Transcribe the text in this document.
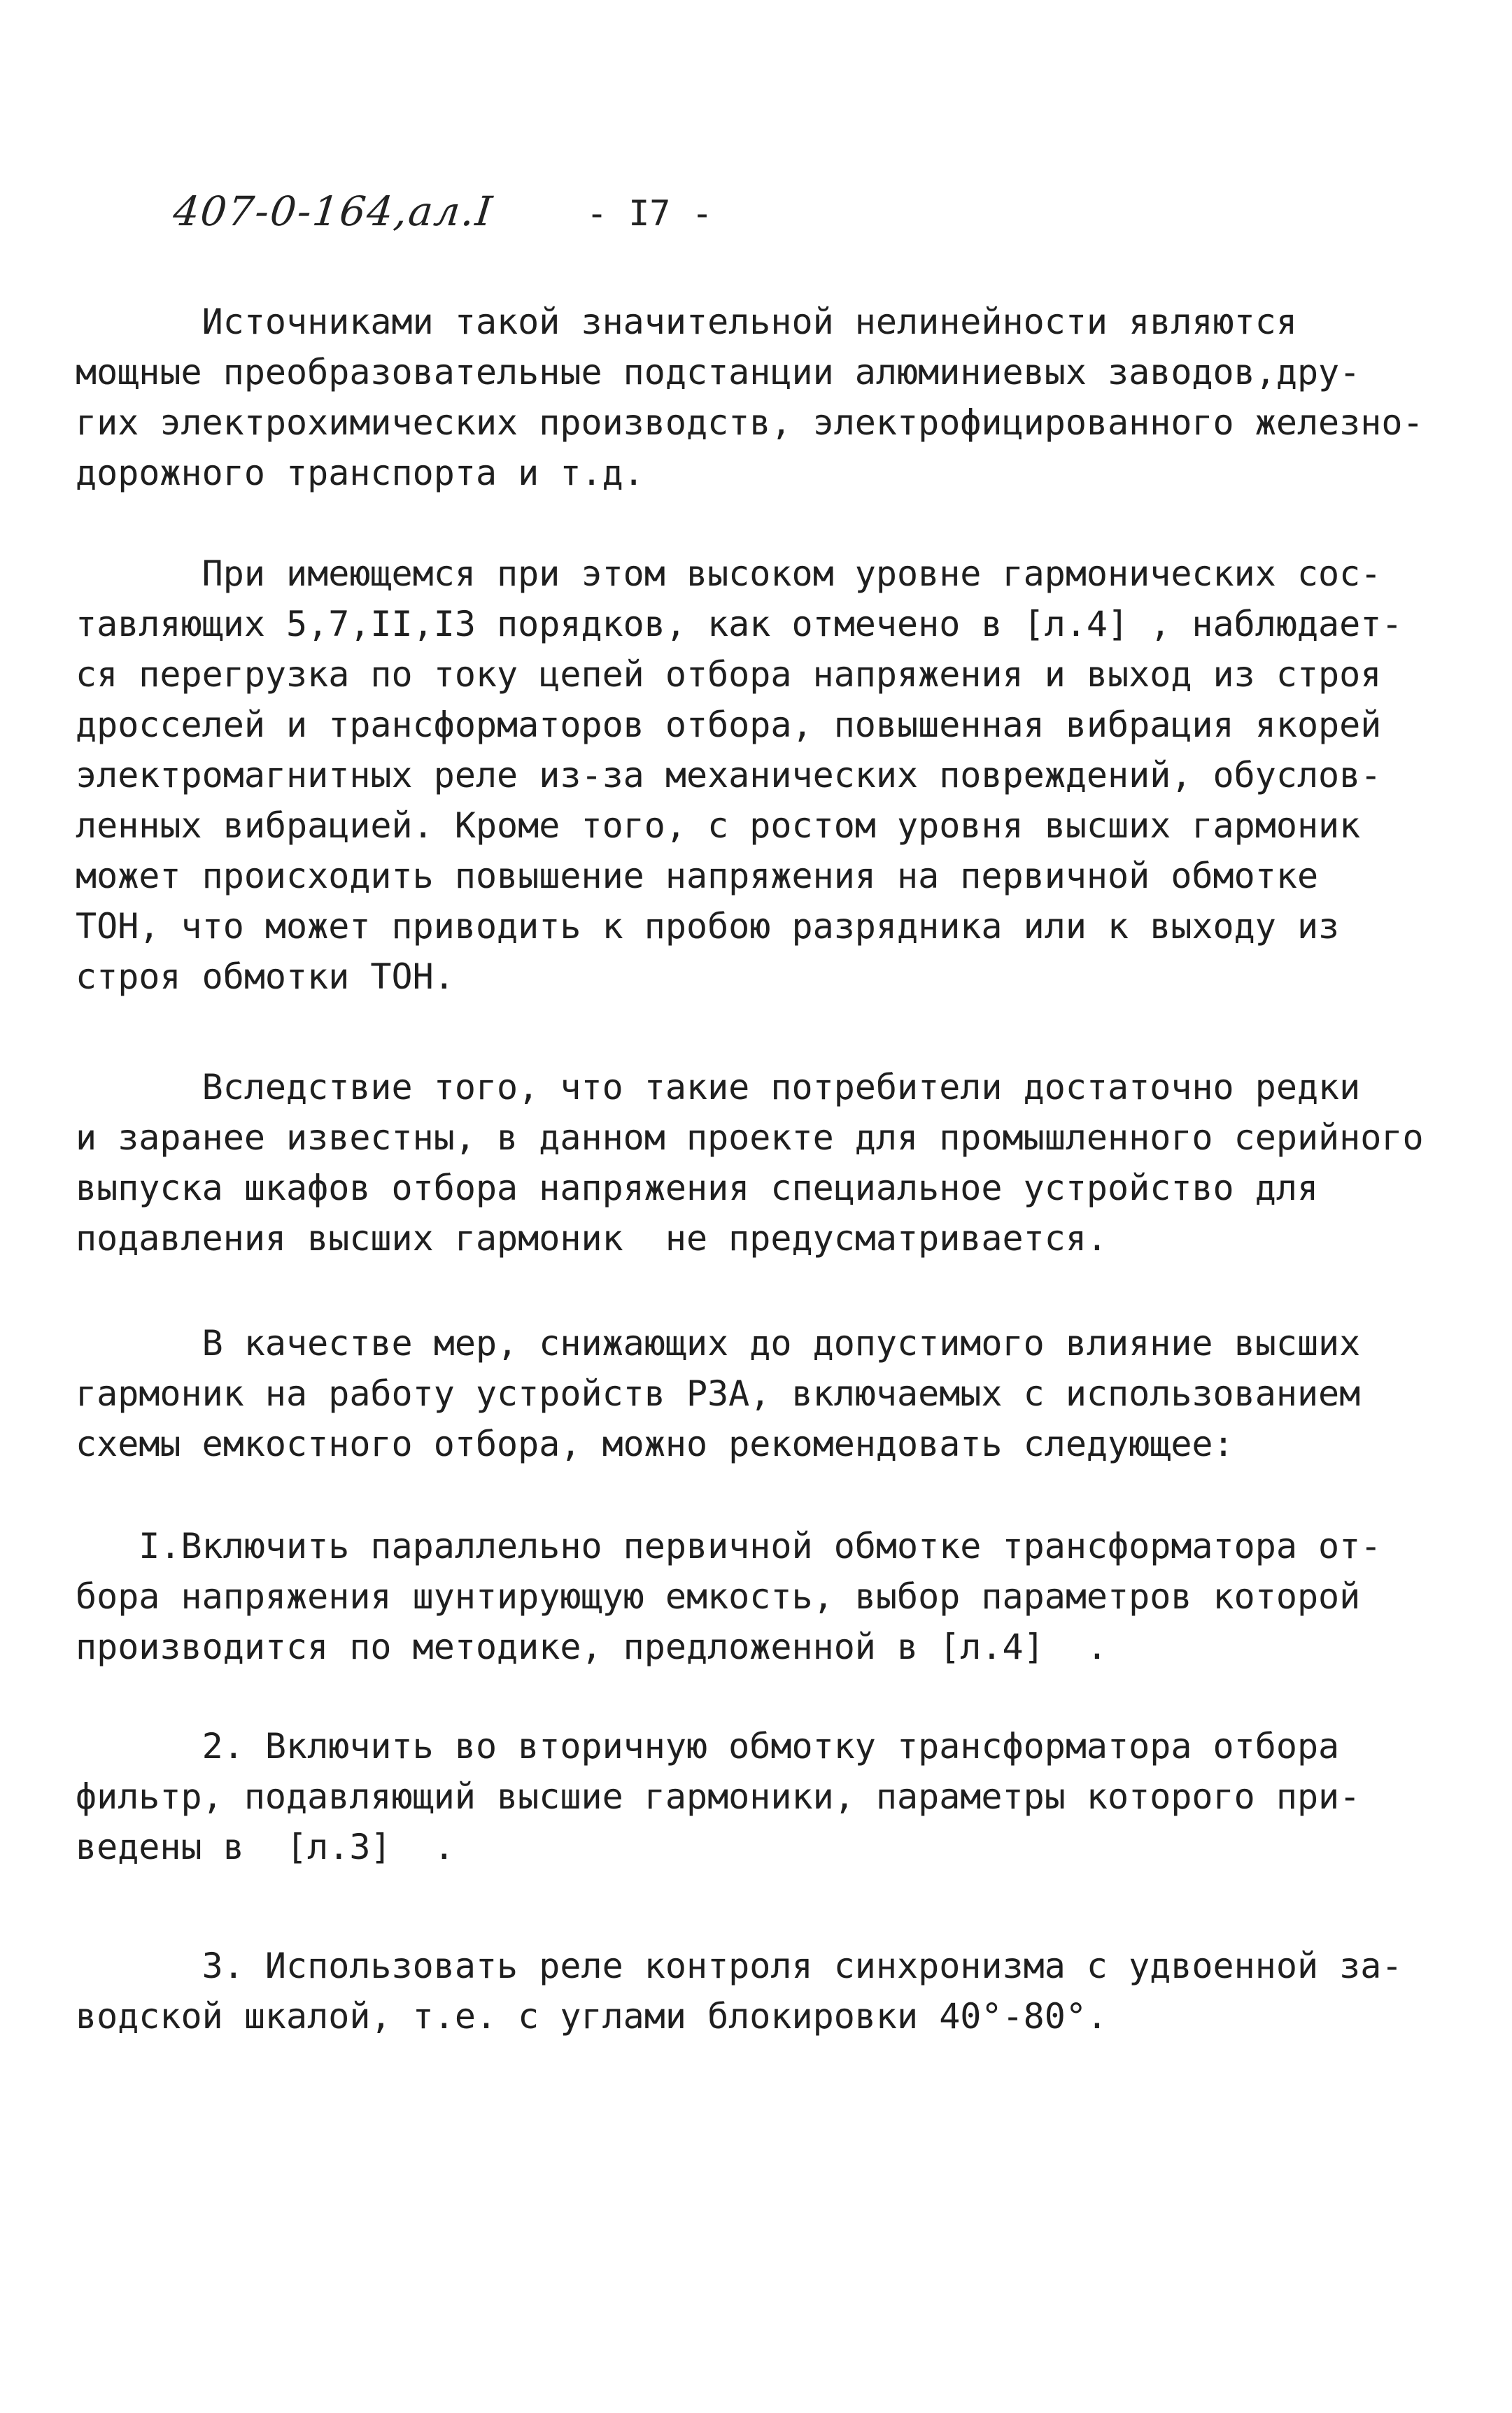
407-0-164,ал.I	- I7 -
Источниками такой значительной нелинейности являются
мощные преобразовательные подстанции алюминиевых заводов,дру-
гих электрохимических производств, электрофицированного железно-
дорожного транспорта и т.д.
При имеющемся при этом высоком уровне гармонических сос-
тавляющих 5,7,II,I3 порядков, как отмечено в [л.4] , наблюдает-
ся перегрузка по току цепей отбора напряжения и выход из строя
дросселей и трансформаторов отбора, повышенная вибрация якорей
электромагнитных реле из-за механических повреждений, обуслов-
ленных вибрацией. Кроме того, с ростом уровня высших гармоник
может происходить повышение напряжения на первичной обмотке
ТОН, что может приводить к пробою разрядника или к выходу из
строя обмотки ТОН.
Вследствие того, что такие потребители достаточно редки
и заранее известны, в данном проекте для промышленного серийного
выпуска шкафов отбора напряжения специальное устройство для
подавления высших гармоник  не предусматривается.
В качестве мер, снижающих до допустимого влияние высших
гармоник на работу устройств РЗА, включаемых с использованием
схемы емкостного отбора, можно рекомендовать следующее:
I.Включить параллельно первичной обмотке трансформатора от-
бора напряжения шунтирующую емкость, выбор параметров которой
производится по методике, предложенной в [л.4]  .
2. Включить во вторичную обмотку трансформатора отбора
фильтр, подавляющий высшие гармоники, параметры которого при-
ведены в  [л.3]  .
3. Использовать реле контроля синхронизма с удвоенной за-
водской шкалой, т.е. с углами блокировки 40°-80°.
